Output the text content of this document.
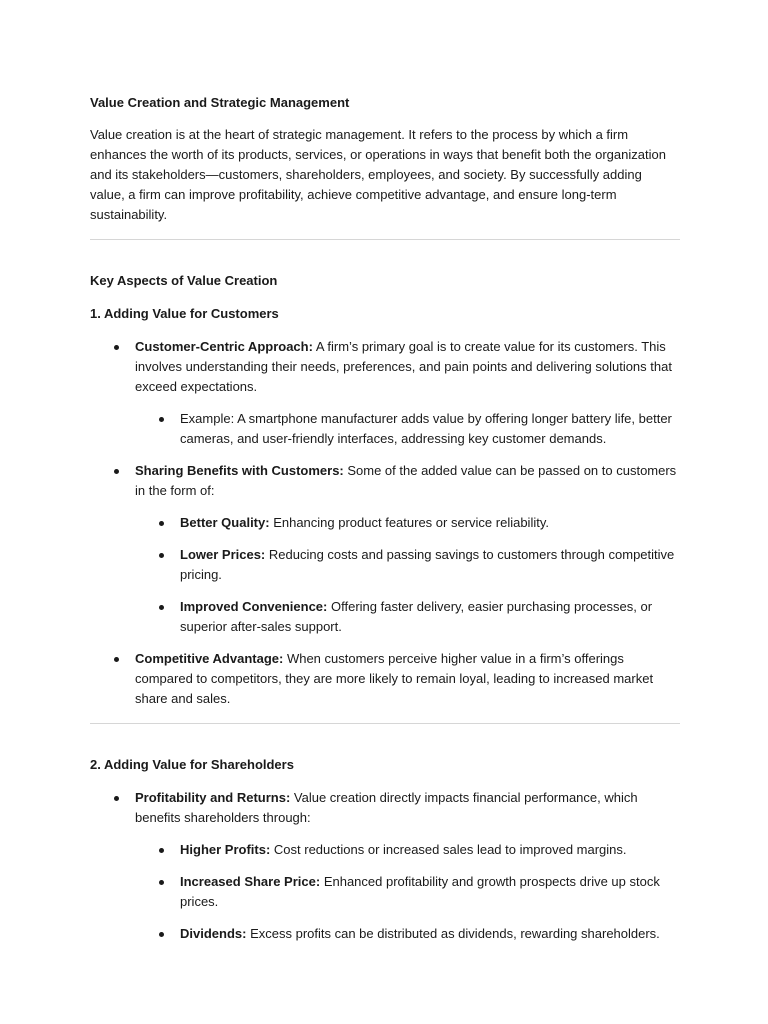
Value Creation and Strategic Management

Value creation is at the heart of strategic management. It refers to the process by which a firm enhances the worth of its products, services, or operations in ways that benefit both the organization and its stakeholders—customers, shareholders, employees, and society. By successfully adding value, a firm can improve profitability, achieve competitive advantage, and ensure long-term sustainability.

Key Aspects of Value Creation

1. Adding Value for Customers

Customer-Centric Approach: A firm’s primary goal is to create value for its customers. This involves understanding their needs, preferences, and pain points and delivering solutions that exceed expectations.
Example: A smartphone manufacturer adds value by offering longer battery life, better cameras, and user-friendly interfaces, addressing key customer demands.
Sharing Benefits with Customers: Some of the added value can be passed on to customers in the form of:
Better Quality: Enhancing product features or service reliability.
Lower Prices: Reducing costs and passing savings to customers through competitive pricing.
Improved Convenience: Offering faster delivery, easier purchasing processes, or superior after-sales support.
Competitive Advantage: When customers perceive higher value in a firm’s offerings compared to competitors, they are more likely to remain loyal, leading to increased market share and sales.

2. Adding Value for Shareholders

Profitability and Returns: Value creation directly impacts financial performance, which benefits shareholders through:
Higher Profits: Cost reductions or increased sales lead to improved margins.
Increased Share Price: Enhanced profitability and growth prospects drive up stock prices.
Dividends: Excess profits can be distributed as dividends, rewarding shareholders.
